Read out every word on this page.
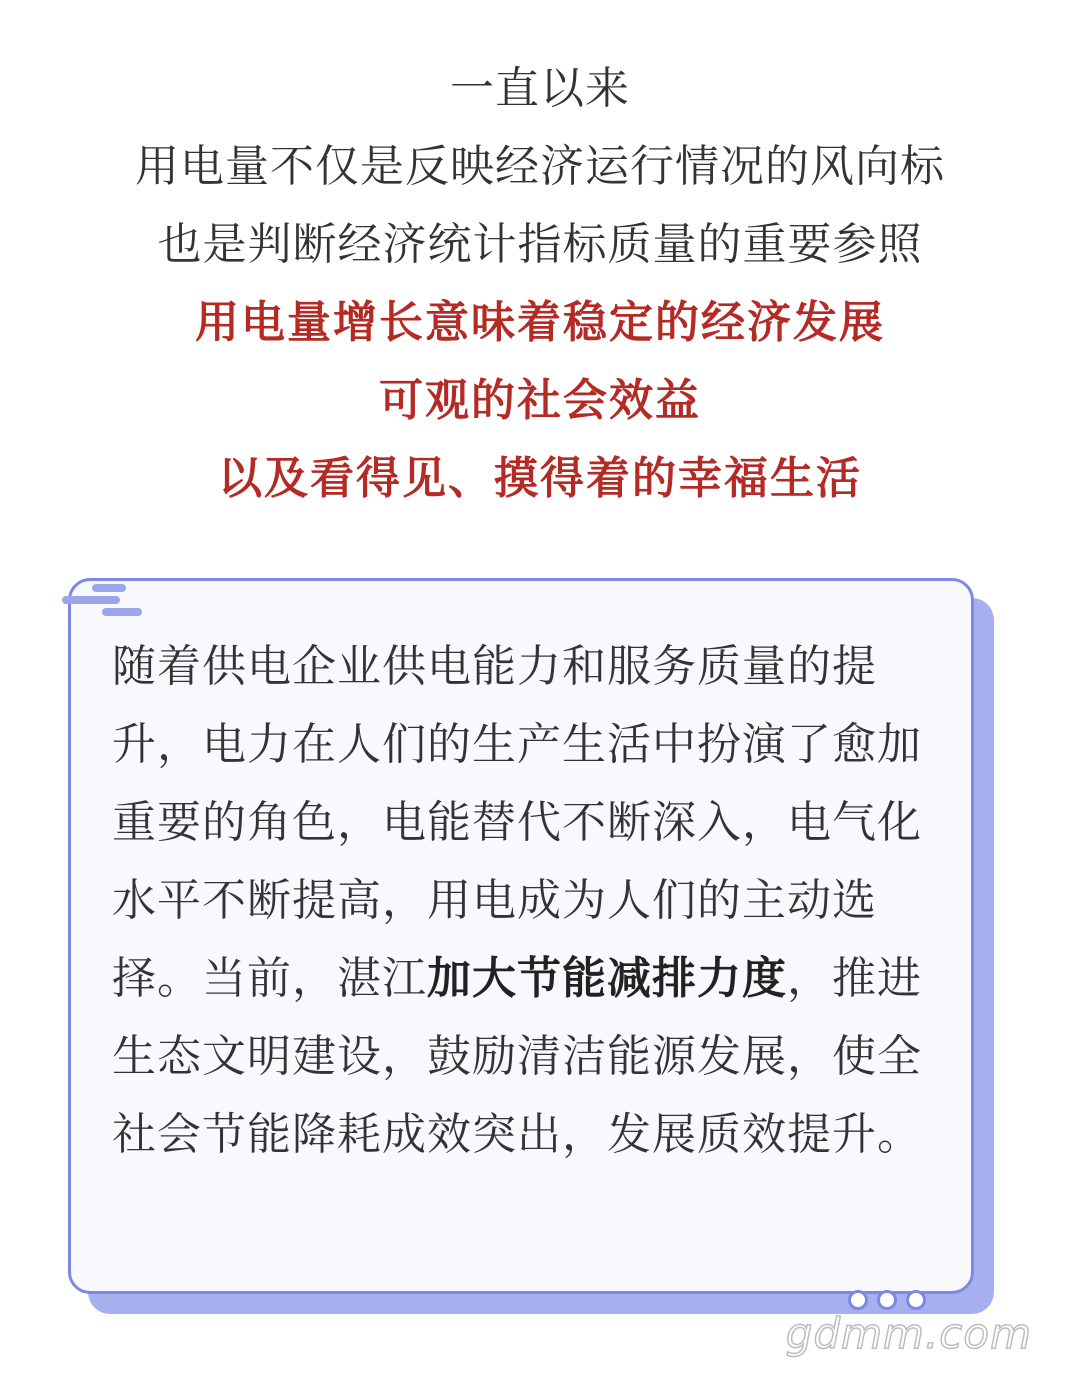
一直以来
用电量不仅是反映经济运行情况的风向标
也是判断经济统计指标质量的重要参照
用电量增长意味着稳定的经济发展
可观的社会效益
以及看得见、摸得着的幸福生活
随着供电企业供电能力和服务质量的提升，电力在人们的生产生活中扮演了愈加重要的角色，电能替代不断深入，电气化水平不断提高，用电成为人们的主动选择。当前，湛江加大节能减排力度，推进生态文明建设，鼓励清洁能源发展，使全社会节能降耗成效突出，发展质效提升。
gdmm.com
